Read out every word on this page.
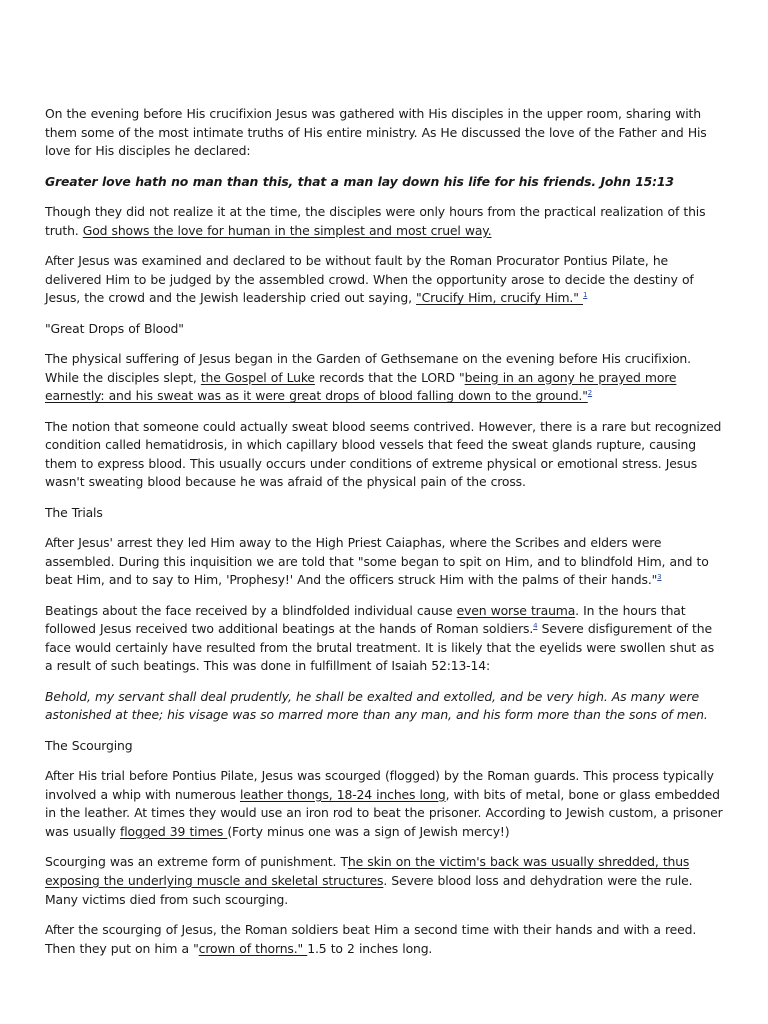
On the evening before His crucifixion Jesus was gathered with His disciples in the upper room, sharing with them some of the most intimate truths of His entire ministry. As He discussed the love of the Father and His love for His disciples he declared:

Greater love hath no man than this, that a man lay down his life for his friends. John 15:13

Though they did not realize it at the time, the disciples were only hours from the practical realization of this truth. God shows the love for human in the simplest and most cruel way.

After Jesus was examined and declared to be without fault by the Roman Procurator Pontius Pilate, he delivered Him to be judged by the assembled crowd. When the opportunity arose to decide the destiny of Jesus, the crowd and the Jewish leadership cried out saying, "Crucify Him, crucify Him." $^1$

"Great Drops of Blood"

The physical suffering of Jesus began in the Garden of Gethsemane on the evening before His crucifixion. While the disciples slept, the Gospel of Luke records that the LORD "being in an agony he prayed more earnestly: and his sweat was as it were great drops of blood falling down to the ground."$^2$

The notion that someone could actually sweat blood seems contrived. However, there is a rare but recognized condition called hematidrosis, in which capillary blood vessels that feed the sweat glands rupture, causing them to express blood. This usually occurs under conditions of extreme physical or emotional stress. Jesus wasn't sweating blood because he was afraid of the physical pain of the cross.

The Trials

After Jesus' arrest they led Him away to the High Priest Caiaphas, where the Scribes and elders were assembled. During this inquisition we are told that "some began to spit on Him, and to blindfold Him, and to beat Him, and to say to Him, 'Prophesy!' And the officers struck Him with the palms of their hands."$^3$

Beatings about the face received by a blindfolded individual cause even worse trauma. In the hours that followed Jesus received two additional beatings at the hands of Roman soldiers.$^4$ Severe disfigurement of the face would certainly have resulted from the brutal treatment. It is likely that the eyelids were swollen shut as a result of such beatings. This was done in fulfillment of Isaiah 52:13-14:

Behold, my servant shall deal prudently, he shall be exalted and extolled, and be very high. As many were astonished at thee; his visage was so marred more than any man, and his form more than the sons of men.

The Scourging

After His trial before Pontius Pilate, Jesus was scourged (flogged) by the Roman guards. This process typically involved a whip with numerous leather thongs, 18-24 inches long, with bits of metal, bone or glass embedded in the leather. At times they would use an iron rod to beat the prisoner. According to Jewish custom, a prisoner was usually flogged 39 times (Forty minus one was a sign of Jewish mercy!)

Scourging was an extreme form of punishment. The skin on the victim's back was usually shredded, thus exposing the underlying muscle and skeletal structures. Severe blood loss and dehydration were the rule. Many victims died from such scourging.

After the scourging of Jesus, the Roman soldiers beat Him a second time with their hands and with a reed. Then they put on him a "crown of thorns." 1.5 to 2 inches long.
